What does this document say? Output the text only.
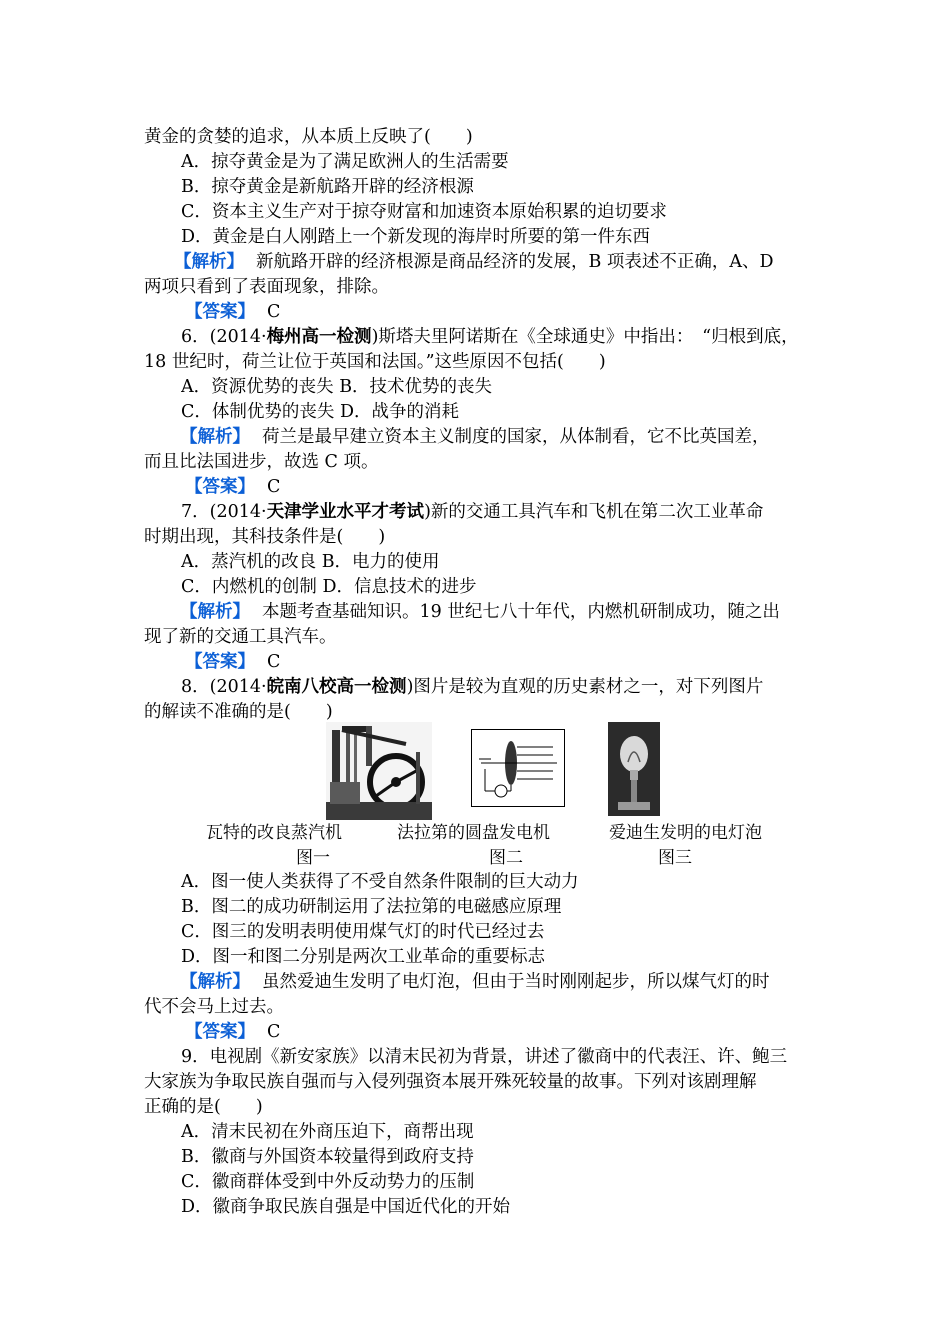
黄金的贪婪的追求，从本质上反映了(　　)
A．掠夺黄金是为了满足欧洲人的生活需要
B．掠夺黄金是新航路开辟的经济根源
C．资本主义生产对于掠夺财富和加速资本原始积累的迫切要求
D．黄金是白人刚踏上一个新发现的海岸时所要的第一件东西
【解析】 新航路开辟的经济根源是商品经济的发展，B 项表述不正确，A、D
两项只看到了表面现象，排除。
【答案】 C
6．(2014·梅州高一检测)斯塔夫里阿诺斯在《全球通史》中指出：　“归根到底，
18 世纪时，荷兰让位于英国和法国。”这些原因不包括(　　)
A．资源优势的丧失 B．技术优势的丧失
C．体制优势的丧失 D．战争的消耗
【解析】 荷兰是最早建立资本主义制度的国家，从体制看，它不比英国差，
而且比法国进步，故选 C 项。
【答案】 C
7．(2014·天津学业水平才考试)新的交通工具汽车和飞机在第二次工业革命
时期出现，其科技条件是(　　)
A．蒸汽机的改良 B．电力的使用
C．内燃机的创制 D．信息技术的进步
【解析】 本题考查基础知识。19 世纪七八十年代，内燃机研制成功，随之出
现了新的交通工具汽车。
【答案】 C
8．(2014·皖南八校高一检测)图片是较为直观的历史素材之一，对下列图片
的解读不准确的是(　　)
瓦特的改良蒸汽机
图一
法拉第的圆盘发电机
图二
爱迪生发明的电灯泡
图三
A．图一使人类获得了不受自然条件限制的巨大动力
B．图二的成功研制运用了法拉第的电磁感应原理
C．图三的发明表明使用煤气灯的时代已经过去
D．图一和图二分别是两次工业革命的重要标志
【解析】 虽然爱迪生发明了电灯泡，但由于当时刚刚起步，所以煤气灯的时
代不会马上过去。
【答案】 C
9．电视剧《新安家族》以清末民初为背景，讲述了徽商中的代表汪、许、鲍三
大家族为争取民族自强而与入侵列强资本展开殊死较量的故事。下列对该剧理解
正确的是(　　)
A．清末民初在外商压迫下，商帮出现
B．徽商与外国资本较量得到政府支持
C．徽商群体受到中外反动势力的压制
D．徽商争取民族自强是中国近代化的开始
